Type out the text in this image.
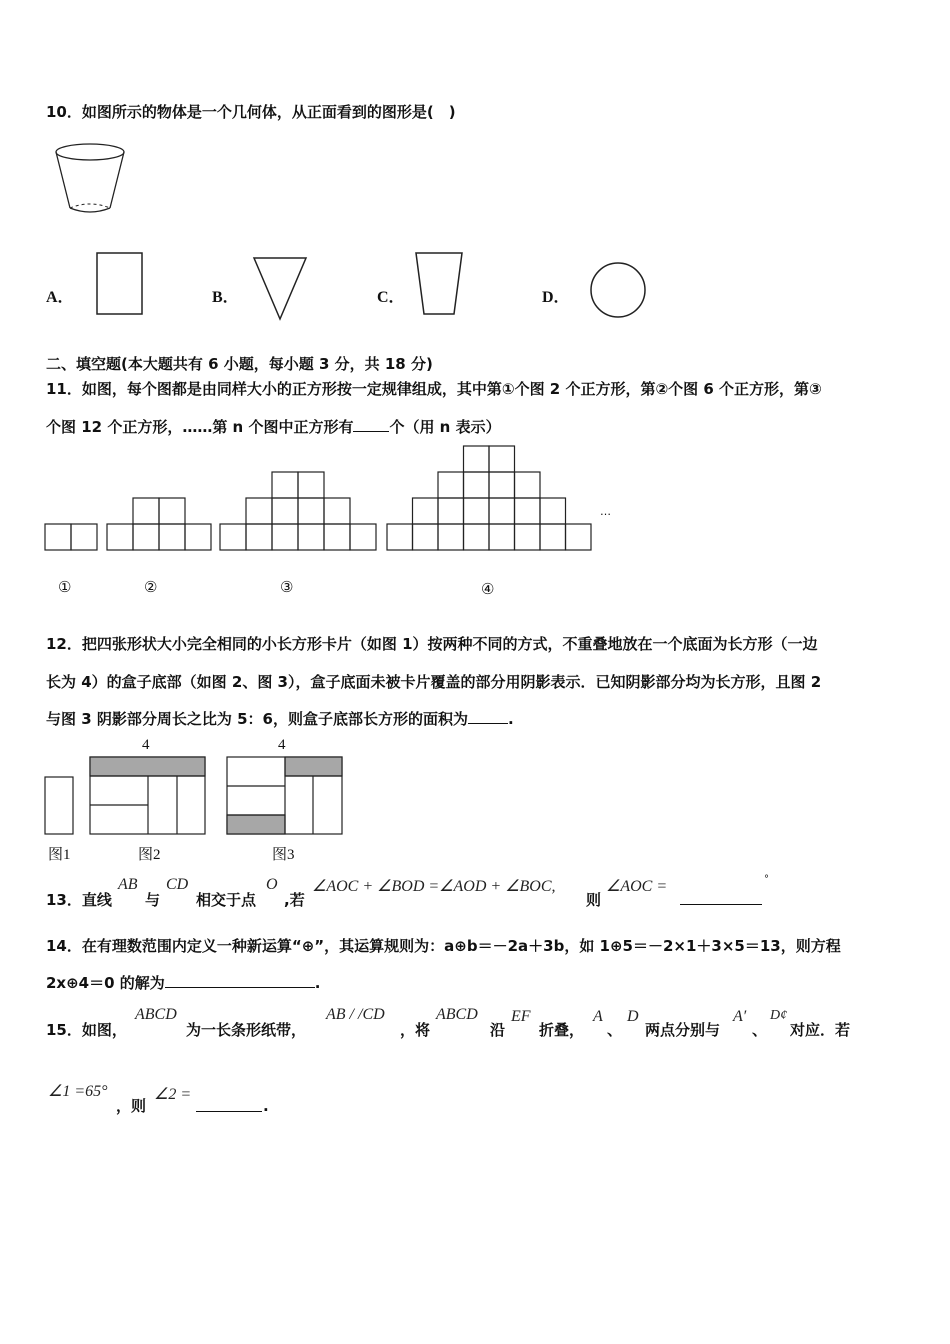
10．如图所示的物体是一个几何体，从正面看到的图形是(　)
A．	B．	C．	D．
二、填空题(本大题共有 6 小题，每小题 3 分，共 18 分)
11．如图，每个图都是由同样大小的正方形按一定规律组成，其中第①个图 2 个正方形，第②个图 6 个正方形，第③
个图 12 个正方形，……第 n 个图中正方形有 个（用 n 表示）
…
①	②	③	④
12．把四张形状大小完全相同的小长方形卡片（如图 1）按两种不同的方式，不重叠地放在一个底面为长方形（一边
长为 4）的盒子底部（如图 2、图 3），盒子底面未被卡片覆盖的部分用阴影表示．已知阴影部分均为长方形，且图 2
与图 3 阴影部分周长之比为 5：6，则盒子底部长方形的面积为	.
4	4
图1	图2	图3
13．直线
AB
与
CD
相交于点
O
,若
∠AOC + ∠BOD =∠AOD + ∠BOC,
则
∠AOC =	°
14．在有理数范围内定义一种新运算“⊕”，其运算规则为：a⊕b＝－2a＋3b，如 1⊕5＝－2×1＋3×5＝13，则方程
2x⊕4＝0 的解为	.
15．如图，
ABCD
为一长条形纸带，
AB / /CD
，将
ABCD
沿
EF
折叠，
A
、
D
两点分别与
A′
、
D¢
对应．若
∠1 =65°
，则
∠2 =
.
